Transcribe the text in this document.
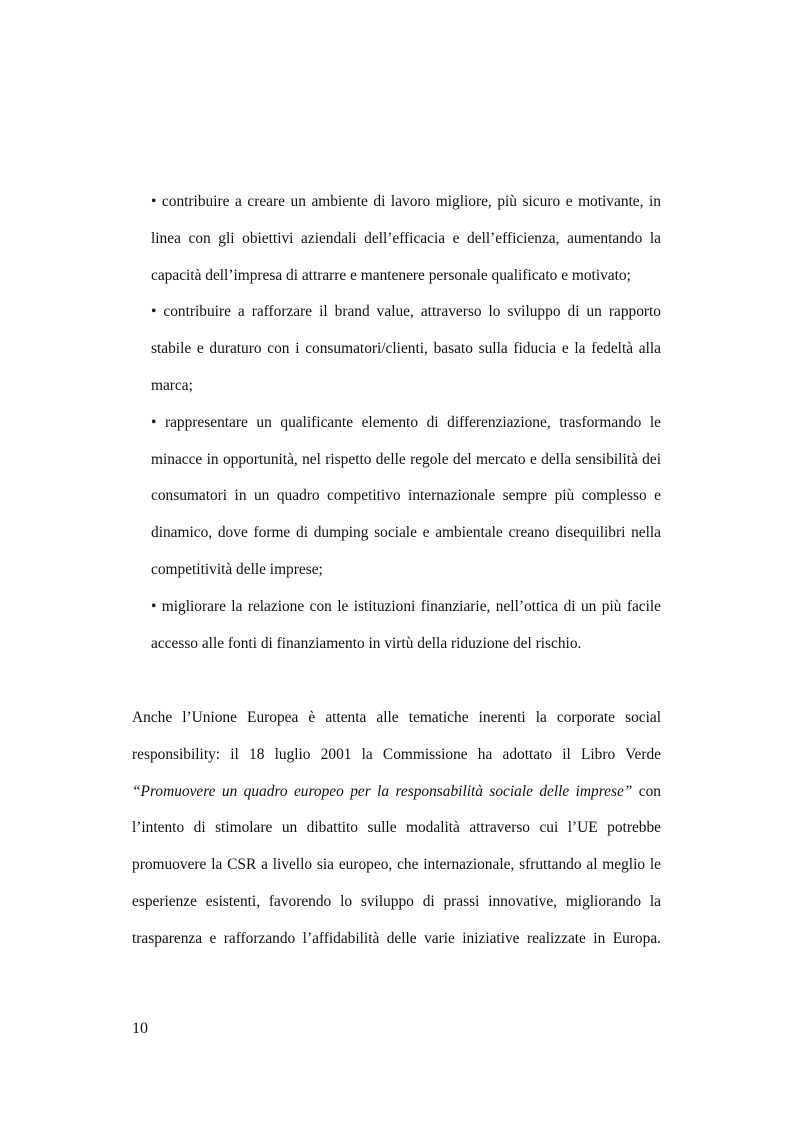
• contribuire a creare un ambiente di lavoro migliore, più sicuro e motivante, in linea con gli obiettivi aziendali dell’efficacia e dell’efficienza, aumentando la capacità dell’impresa di attrarre e mantenere personale qualificato e motivato;
• contribuire a rafforzare il brand value, attraverso lo sviluppo di un rapporto stabile e duraturo con i consumatori/clienti, basato sulla fiducia e la fedeltà alla marca;
• rappresentare un qualificante elemento di differenziazione, trasformando le minacce in opportunità, nel rispetto delle regole del mercato e della sensibilità dei consumatori in un quadro competitivo internazionale sempre più complesso e dinamico, dove forme di dumping sociale e ambientale creano disequilibri nella competitività delle imprese;
• migliorare la relazione con le istituzioni finanziarie, nell’ottica di un più facile accesso alle fonti di finanziamento in virtù della riduzione del rischio.

Anche l’Unione Europea è attenta alle tematiche inerenti la corporate social responsibility: il 18 luglio 2001 la Commissione ha adottato il Libro Verde “Promuovere un quadro europeo per la responsabilità sociale delle imprese” con l’intento di stimolare un dibattito sulle modalità attraverso cui l’UE potrebbe promuovere la CSR a livello sia europeo, che internazionale, sfruttando al meglio le esperienze esistenti, favorendo lo sviluppo di prassi innovative, migliorando la trasparenza e rafforzando l’affidabilità delle varie iniziative realizzate in Europa.

10
